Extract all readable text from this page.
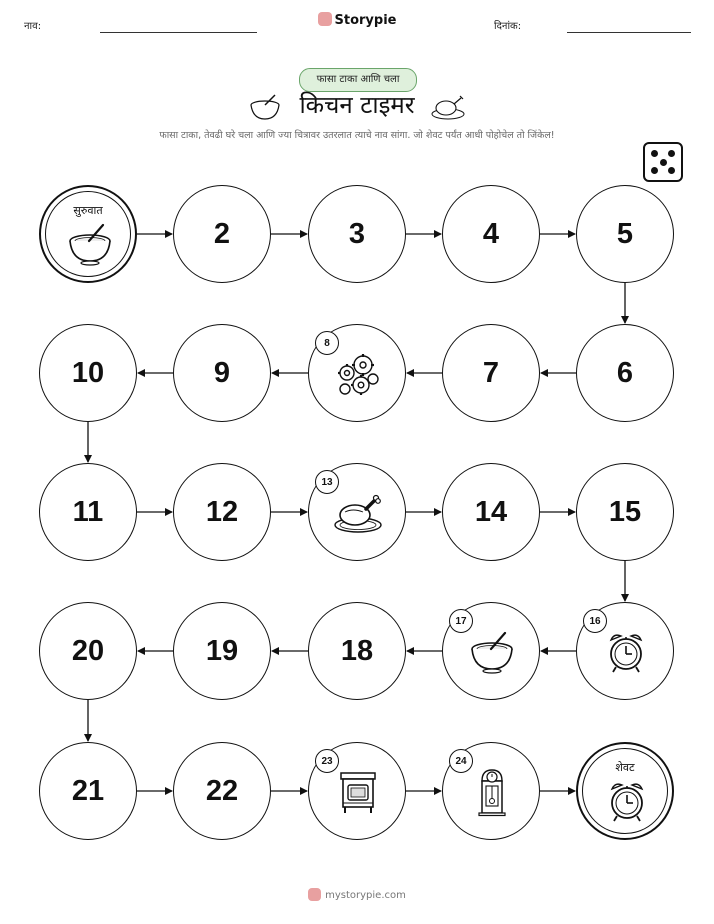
नाव:	Storypie	दिनांक:
फासा टाका आणि चला
किचन टाइमर
फासा टाका, तेवढी घरे चला आणि ज्या चित्रावर उतरलात त्याचे नाव सांगा. जो शेवट पर्यंत आधी पोहोचेल तो जिंकेल!
सुरुवात
2	3	4	5
6
7
8
9
10
11	12
13
14	15
16
17
18
19
20
21	22
23	24	शेवट
mystorypie.com
